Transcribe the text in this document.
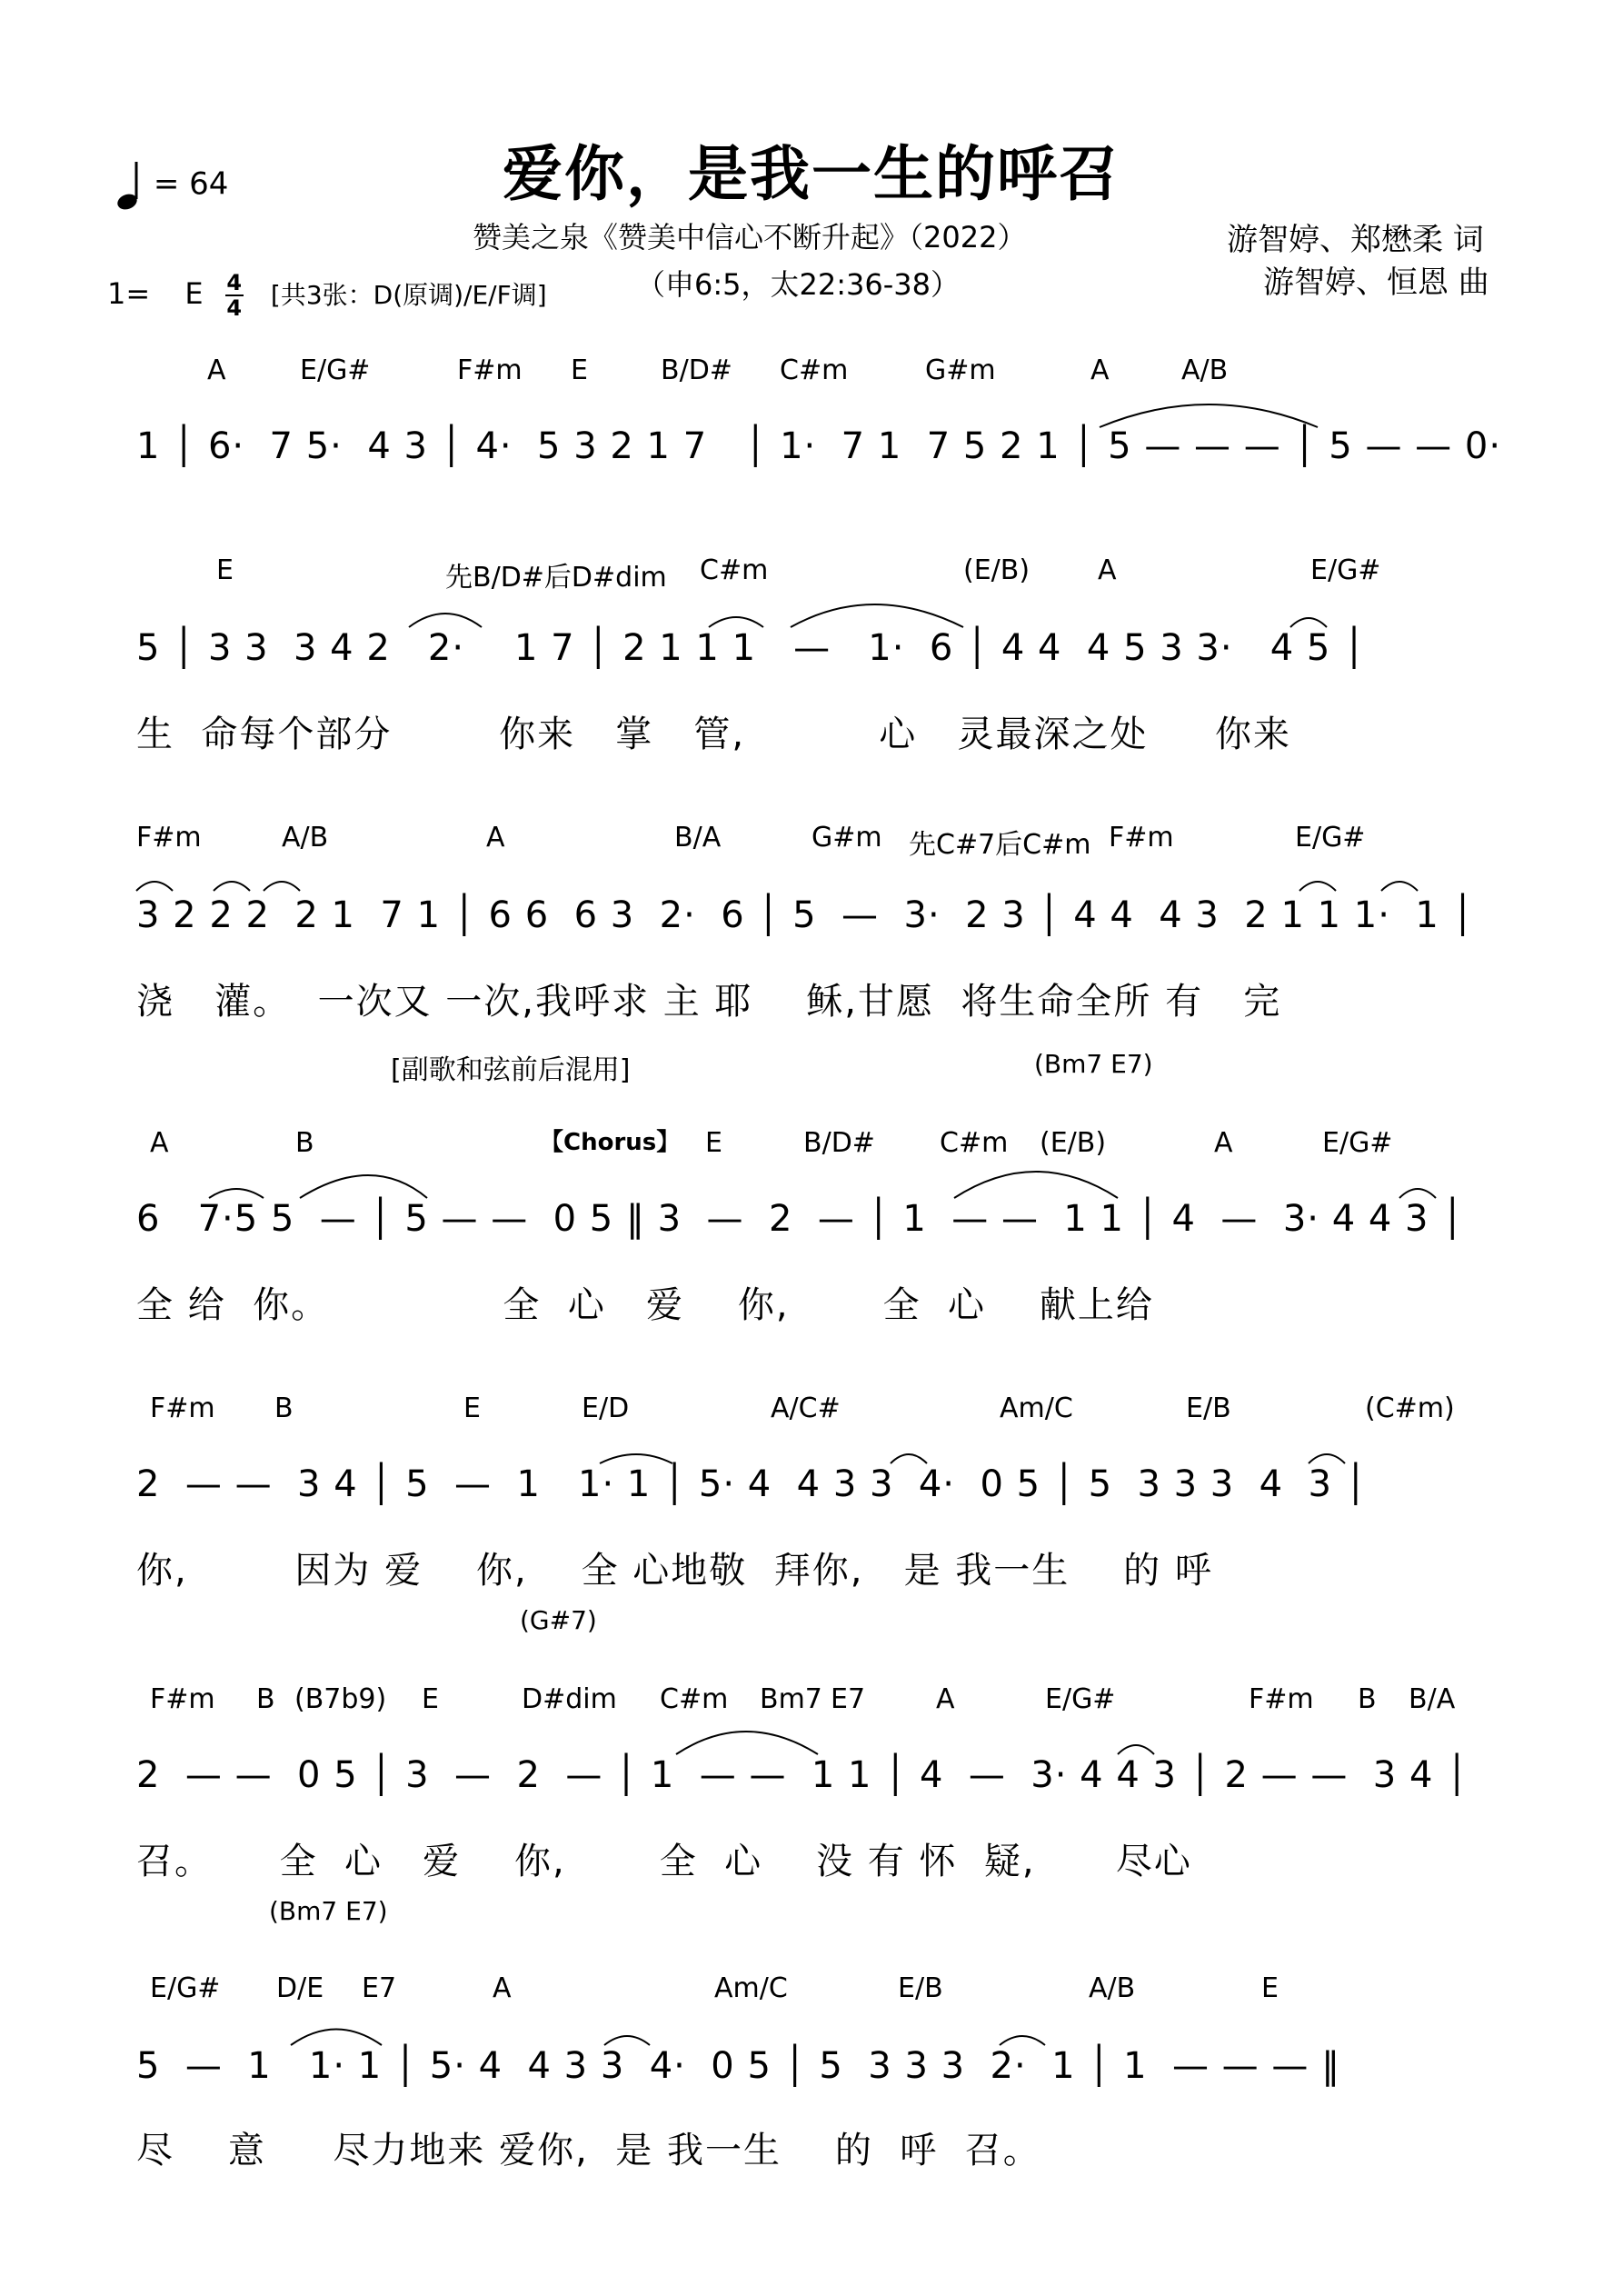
爱你，是我一生的呼召
= 64
赞美之泉《赞美中信心不断升起》（2022）
（申6:5，太22:36-38）
游智婷、郑懋柔 词
游智婷、恒恩 曲
1= E $\frac{4}{4}$ [共3张：D(原调)/E/F调]
[副歌和弦前后混用]	(Bm7 E7)
【Chorus】
(G#7)
(Bm7 E7)
A	E/G#	F#m E	B/D# C#m	G#m	A	A/B
1 │ 6·  7 5·  4 3 │ 4·  5 3 2 1 7   │ 1·  7 1  7 5 2 1 │ 5 — — — │ 5 — — 0·
E	先B/D#后D#dim C#m	(E/B) A	E/G#
5 │ 3 3  3 4 2   2·    1 7 │ 2 1 1 1   —   1·  6 │ 4 4  4 5 3 3·   4 5 │
生  命每个部分        你来   掌   管,          心   灵最深之处     你来
F#m	A/B	A	B/A	G#m 先C#7后C#m F#m	E/G#
3 2 2 2  2 1  7 1 │ 6 6  6 3  2·  6 │ 5  —  3·  2 3 │ 4 4  4 3  2 1 1 1·  1 │
浇   灌。  一次又 一次,我呼求 主 耶    稣,甘愿  将生命全所 有   完
A	B	E	B/D# C#m (E/B)	A	E/G#
6   7·5 5  — │ 5 — —  0 5 ‖ 3  —  2  — │ 1  — —  1 1 │ 4  —  3· 4 4 3 │
全 给  你。             全  心   爱    你,       全  心    献上给
F#m B	E	E/D	A/C#	Am/C	E/B	(C#m)
2  — —  3 4 │ 5  —  1   1· 1 │ 5· 4  4 3 3  4·  0 5 │ 5  3 3 3  4  3 │
你,        因为 爱    你,    全 心地敬  拜你,   是 我一生    的 呼
F#m B (B7b9) E	D#dim C#m Bm7 E7	A	E/G#	F#m B B/A
2  — —  0 5 │ 3  —  2  — │ 1  — —  1 1 │ 4  —  3· 4 4 3 │ 2 — —  3 4 │
召。     全  心   爱    你,       全  心    没 有 怀  疑,      尽心
E/G# D/E E7	A	Am/C	E/B	A/B	E
5  —  1   1· 1 │ 5· 4  4 3 3  4·  0 5 │ 5  3 3 3  2·  1 │ 1  — — — ‖
尽    意     尽力地来 爱你,  是 我一生    的  呼  召。
